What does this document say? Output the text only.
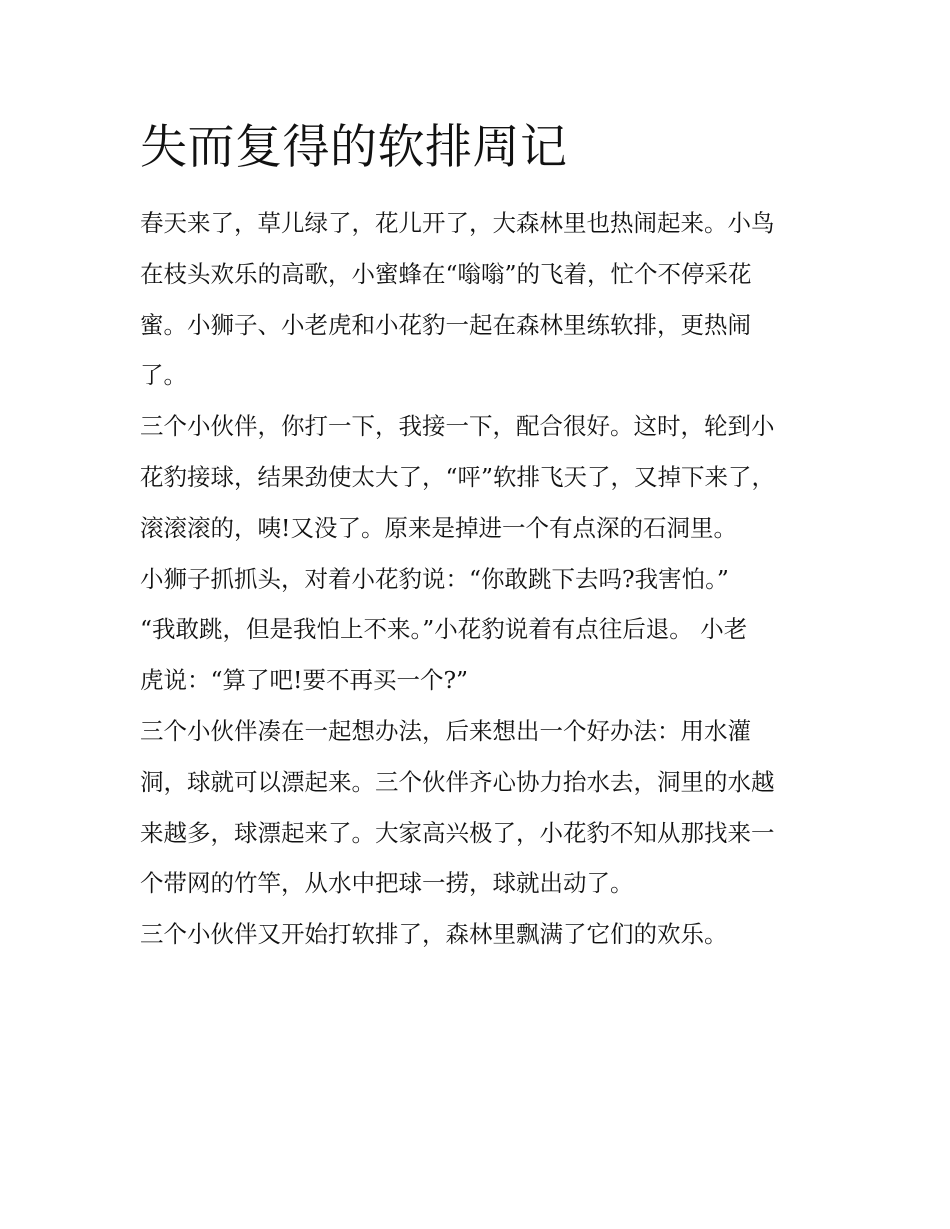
失而复得的软排周记

春天来了，草儿绿了，花儿开了，大森林里也热闹起来。小鸟
在枝头欢乐的高歌，小蜜蜂在“嗡嗡”的飞着，忙个不停采花
蜜。小狮子、小老虎和小花豹一起在森林里练软排，更热闹
了。

三个小伙伴，你打一下，我接一下，配合很好。这时，轮到小
花豹接球，结果劲使太大了，“呯”软排飞天了，又掉下来了，
滚滚滚的，咦!又没了。原来是掉进一个有点深的石洞里。

小狮子抓抓头，对着小花豹说：“你敢跳下去吗?我害怕。”

“我敢跳，但是我怕上不来。”小花豹说着有点往后退。 小老
虎说：“算了吧!要不再买一个?”

三个小伙伴凑在一起想办法，后来想出一个好办法：用水灌
洞，球就可以漂起来。三个伙伴齐心协力抬水去，洞里的水越
来越多，球漂起来了。大家高兴极了，小花豹不知从那找来一
个带网的竹竿，从水中把球一捞，球就出动了。

三个小伙伴又开始打软排了，森林里飘满了它们的欢乐。
